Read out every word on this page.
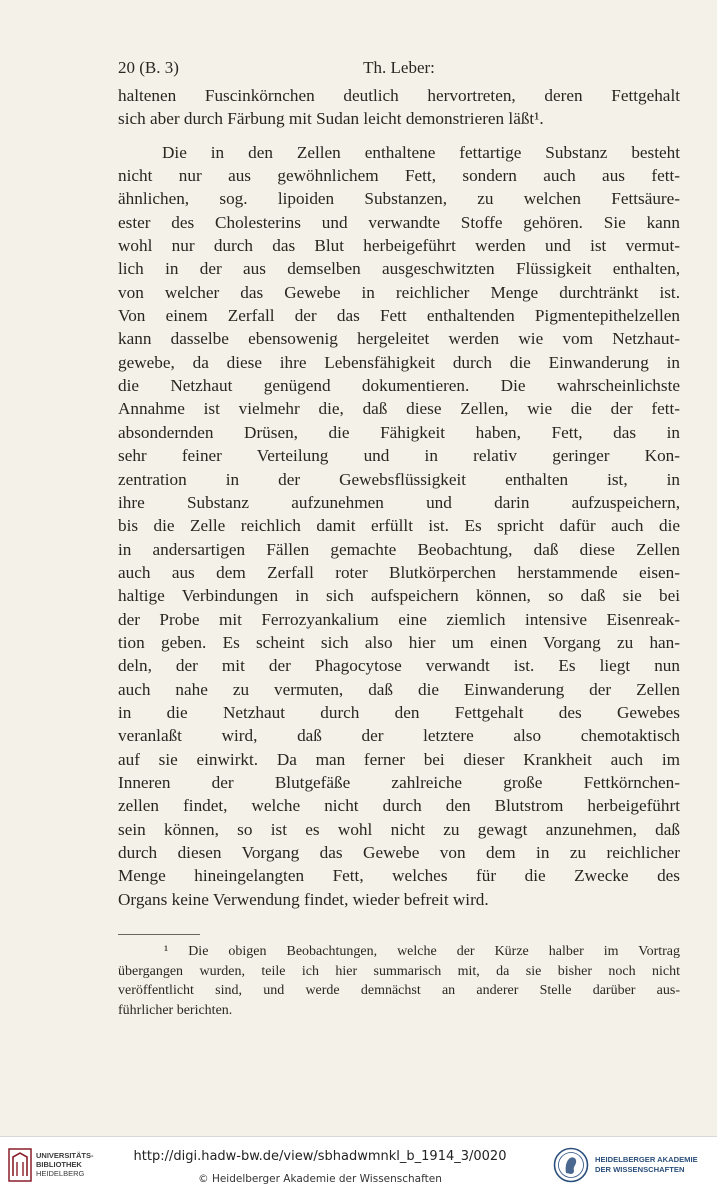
20 (B. 3)	Th. Leber:
haltenen Fuscinkörnchen deutlich hervortreten, deren Fettgehalt
sich aber durch Färbung mit Sudan leicht demonstrieren läßt¹.
Die in den Zellen enthaltene fettartige Substanz besteht
nicht nur aus gewöhnlichem Fett, sondern auch aus fett-
ähnlichen, sog. lipoiden Substanzen, zu welchen Fettsäure-
ester des Cholesterins und verwandte Stoffe gehören. Sie kann
wohl nur durch das Blut herbeigeführt werden und ist vermut-
lich in der aus demselben ausgeschwitzten Flüssigkeit enthalten,
von welcher das Gewebe in reichlicher Menge durchtränkt ist.
Von einem Zerfall der das Fett enthaltenden Pigmentepithelzellen
kann dasselbe ebensowenig hergeleitet werden wie vom Netzhaut-
gewebe, da diese ihre Lebensfähigkeit durch die Einwanderung in
die Netzhaut genügend dokumentieren. Die wahrscheinlichste
Annahme ist vielmehr die, daß diese Zellen, wie die der fett-
absondernden Drüsen, die Fähigkeit haben, Fett, das in
sehr feiner Verteilung und in relativ geringer Kon-
zentration in der Gewebsflüssigkeit enthalten ist, in
ihre Substanz aufzunehmen und darin aufzuspeichern,
bis die Zelle reichlich damit erfüllt ist. Es spricht dafür auch die
in andersartigen Fällen gemachte Beobachtung, daß diese Zellen
auch aus dem Zerfall roter Blutkörperchen herstammende eisen-
haltige Verbindungen in sich aufspeichern können, so daß sie bei
der Probe mit Ferrozyankalium eine ziemlich intensive Eisenreak-
tion geben. Es scheint sich also hier um einen Vorgang zu han-
deln, der mit der Phagocytose verwandt ist. Es liegt nun
auch nahe zu vermuten, daß die Einwanderung der Zellen
in die Netzhaut durch den Fettgehalt des Gewebes
veranlaßt wird, daß der letztere also chemotaktisch
auf sie einwirkt. Da man ferner bei dieser Krankheit auch im
Inneren der Blutgefäße zahlreiche große Fettkörnchen-
zellen findet, welche nicht durch den Blutstrom herbeigeführt
sein können, so ist es wohl nicht zu gewagt anzunehmen, daß
durch diesen Vorgang das Gewebe von dem in zu reichlicher
Menge hineingelangten Fett, welches für die Zwecke des
Organs keine Verwendung findet, wieder befreit wird.
¹ Die obigen Beobachtungen, welche der Kürze halber im Vortrag
übergangen wurden, teile ich hier summarisch mit, da sie bisher noch nicht
veröffentlicht sind, und werde demnächst an anderer Stelle darüber aus-
führlicher berichten.
UNIVERSITÄTS-
BIBLIOTHEK
HEIDELBERG
http://digi.hadw-bw.de/view/sbhadwmnkl_b_1914_3/0020
© Heidelberger Akademie der Wissenschaften
HEIDELBERGER AKADEMIE
DER WISSENSCHAFTEN
